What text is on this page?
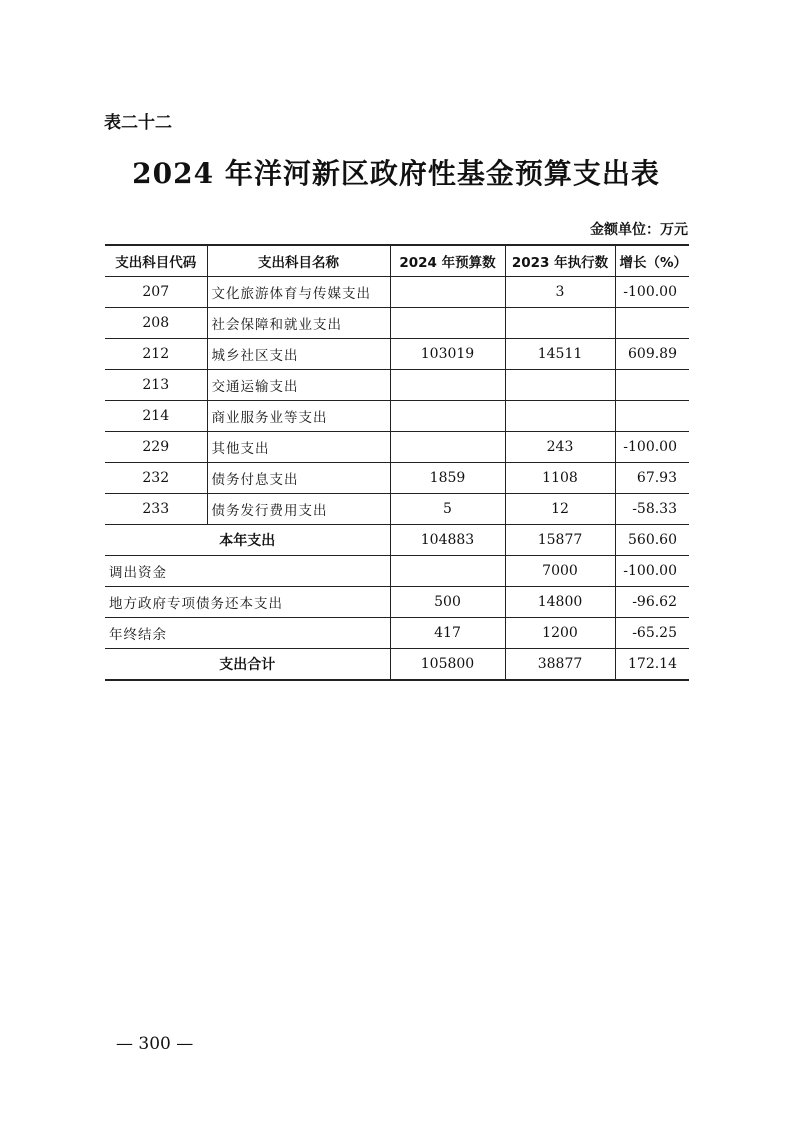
表二十二
2024 年洋河新区政府性基金预算支出表
金额单位：万元
支出科目代码	支出科目名称	2024 年预算数	2023 年执行数	增长（%）
207	文化旅游体育与传媒支出		3	-100.00
208	社会保障和就业支出			
212	城乡社区支出	103019	14511	609.89
213	交通运输支出			
214	商业服务业等支出			
229	其他支出		243	-100.00
232	债务付息支出	1859	1108	67.93
233	债务发行费用支出	5	12	-58.33
本年支出		104883	15877	560.60
调出资金			7000	-100.00
地方政府专项债务还本支出		500	14800	-96.62
年终结余		417	1200	-65.25
支出合计		105800	38877	172.14
— 300 —
